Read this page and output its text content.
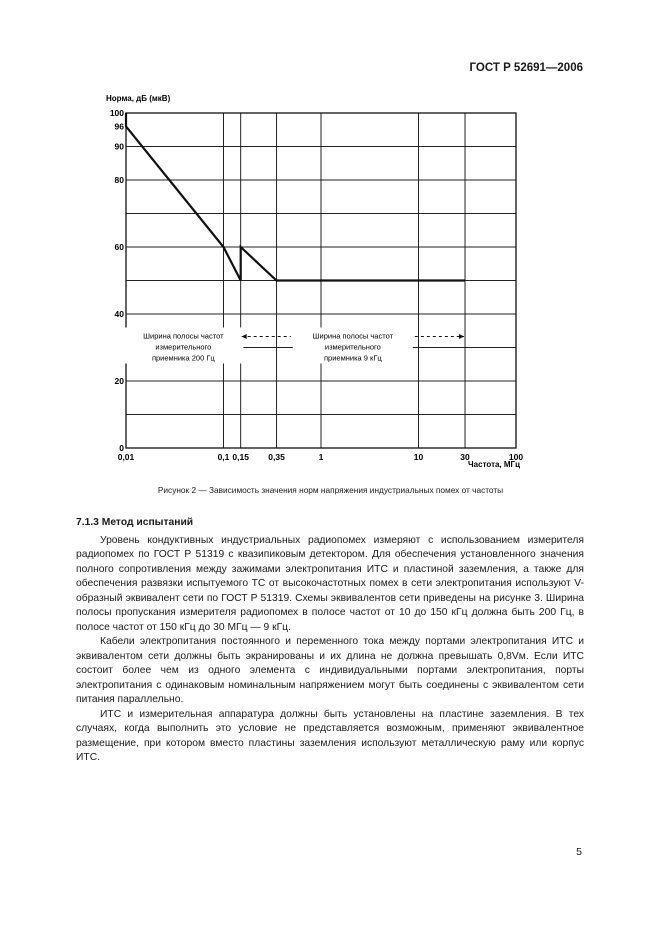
ГОСТ Р 52691—2006
Ширина полосы частот
измерительного
приемника 200 Гц
Ширина полосы частот
измерительного
приемника 9 кГц
0
20
40
60
80
90
96
100
0,01	0,1 0,15 0,35	1	10	30	100
Норма, дБ (мкВ)
Частота, МГц
Рисунок 2 — Зависимость значения норм напряжения индустриальных помех от частоты

7.1.3 Метод испытаний

Уровень кондуктивных индустриальных радиопомех измеряют с использованием измерителя радиопомех по ГОСТ Р 51319 с квазипиковым детектором. Для обеспечения установленного значения полного сопротивления между зажимами электропитания ИТС и пластиной заземления, а также для обеспечения развязки испытуемого ТС от высокочастотных помех в сети электропитания используют V-образный эквивалент сети по ГОСТ Р 51319. Схемы эквивалентов сети приведены на рисунке 3. Ширина полосы пропускания измерителя радиопомех в полосе частот от 10 до 150 кГц должна быть 200 Гц, в полосе частот от 150 кГц до 30 МГц — 9 кГц.

Кабели электропитания постоянного и переменного тока между портами электропитания ИТС и эквивалентом сети должны быть экранированы и их длина не должна превышать 0,8Vм. Если ИТС состоит более чем из одного элемента с индивидуальными портами электропитания, порты электропитания с одинаковым номинальным напряжением могут быть соединены с эквивалентом сети питания параллельно.

ИТС и измерительная аппаратура должны быть установлены на пластине заземления. В тех случаях, когда выполнить это условие не представляется возможным, применяют эквивалентное размещение, при котором вместо пластины заземления используют металлическую раму или корпус ИТС.

5
